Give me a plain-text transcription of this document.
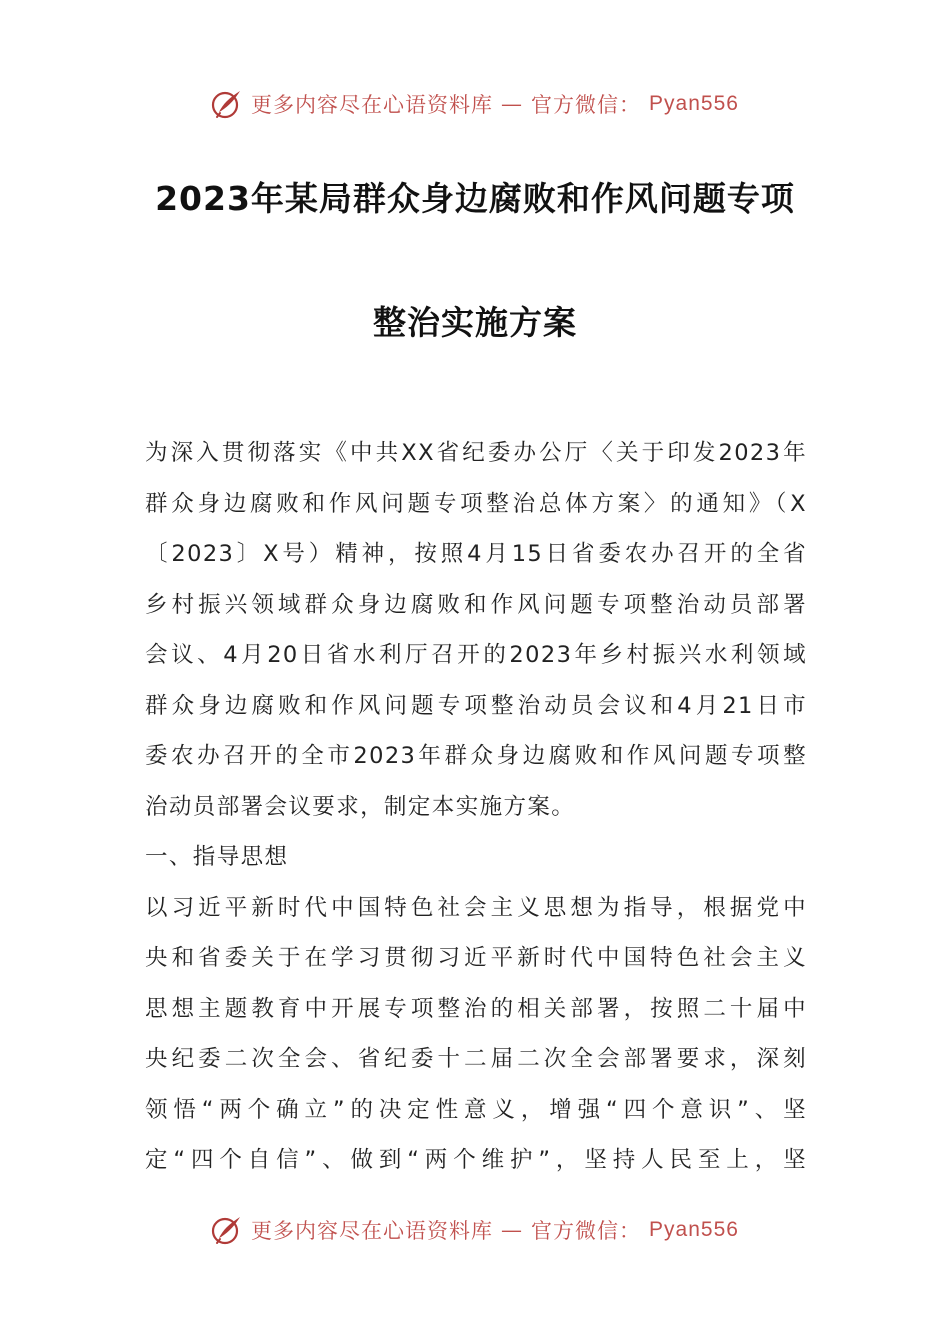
更多内容尽在心语资料库 — 官方微信： Pyan556
2023年某局群众身边腐败和作风问题专项
整治实施方案
为深入贯彻落实《中共XX省纪委办公厅〈关于印发2023年
群众身边腐败和作风问题专项整治总体方案〉的通知》（X
〔2023〕X号）精神，按照4月15日省委农办召开的全省
乡村振兴领域群众身边腐败和作风问题专项整治动员部署
会议、4月20日省水利厅召开的2023年乡村振兴水利领域
群众身边腐败和作风问题专项整治动员会议和4月21日市
委农办召开的全市2023年群众身边腐败和作风问题专项整
治动员部署会议要求，制定本实施方案。
一、指导思想
以习近平新时代中国特色社会主义思想为指导，根据党中
央和省委关于在学习贯彻习近平新时代中国特色社会主义
思想主题教育中开展专项整治的相关部署，按照二十届中
央纪委二次全会、省纪委十二届二次全会部署要求，深刻
领悟“两个确立”的决定性意义，增强“四个意识”、坚
定“四个自信”、做到“两个维护”，坚持人民至上，坚
更多内容尽在心语资料库 — 官方微信： Pyan556
